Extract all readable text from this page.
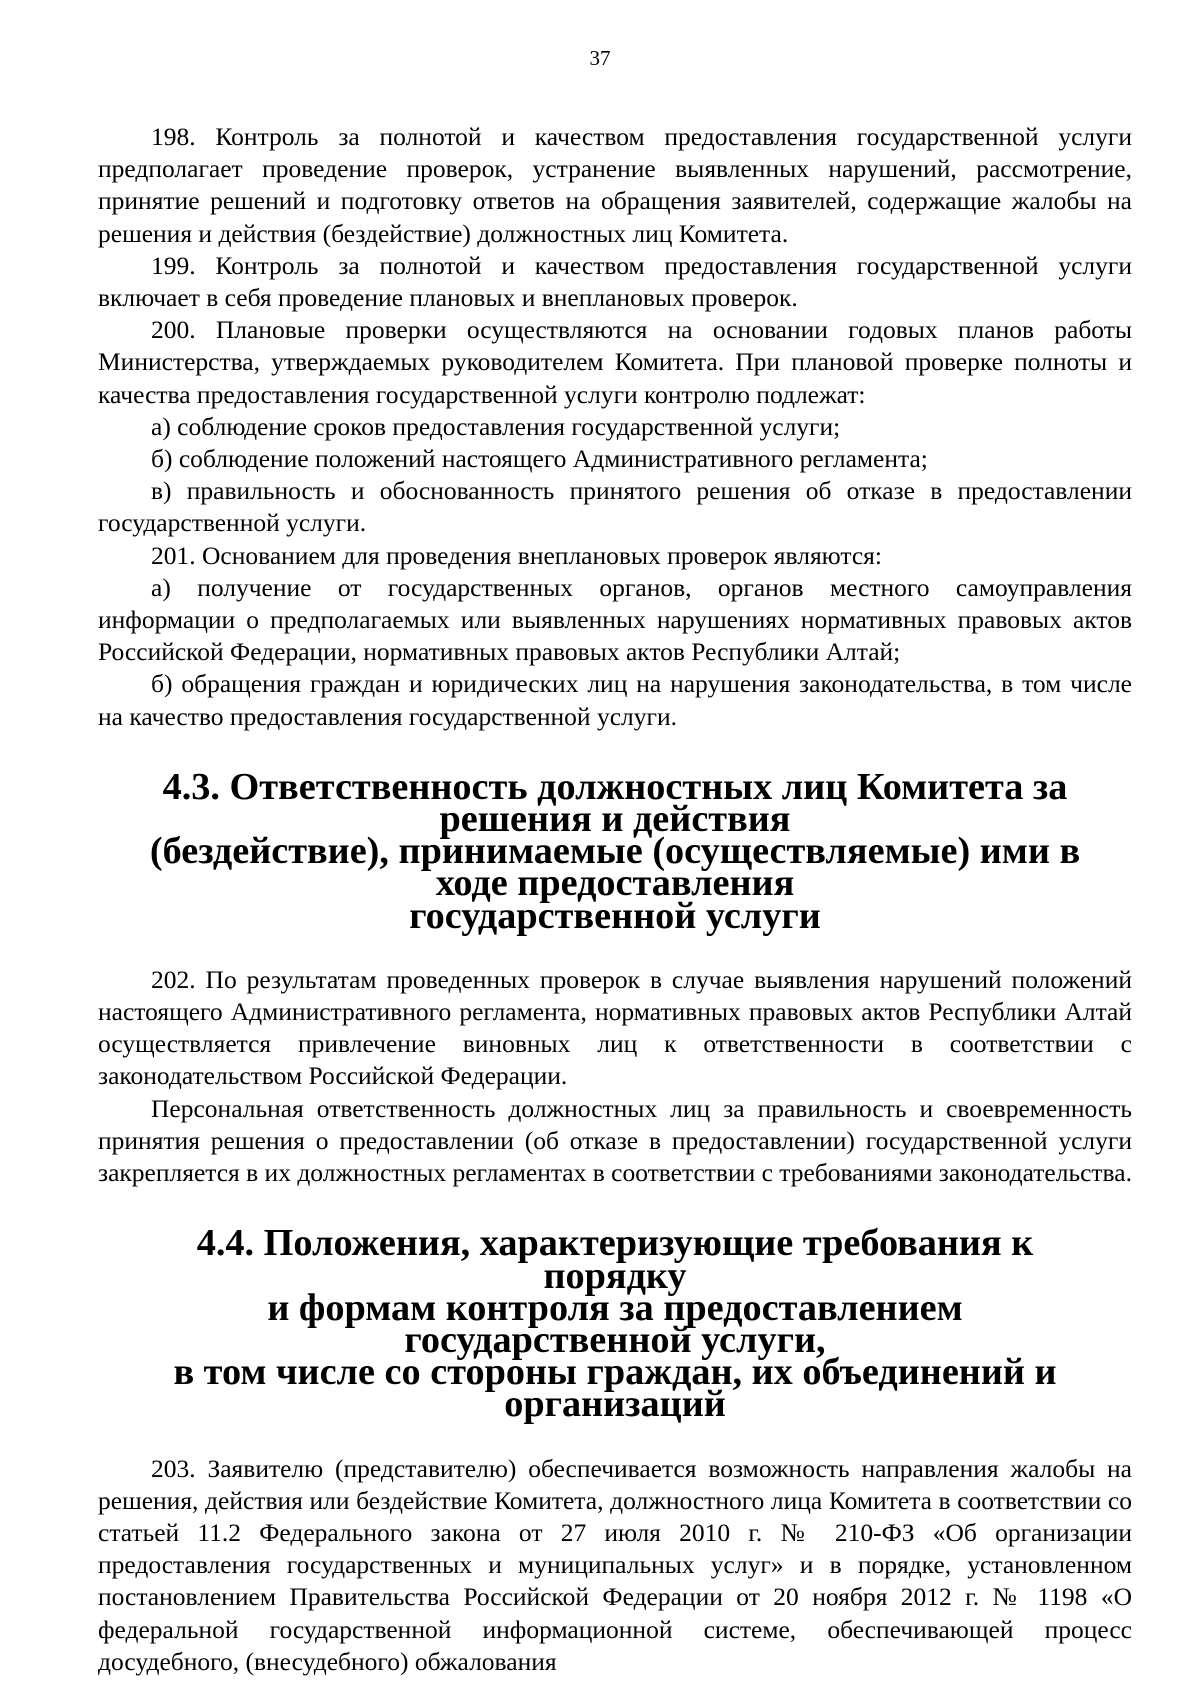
37

198. Контроль за полнотой и качеством предоставления государственной услуги предполагает проведение проверок, устранение выявленных нарушений, рассмотрение, принятие решений и подготовку ответов на обращения заявителей, содержащие жалобы на решения и действия (бездействие) должностных лиц Комитета.

199. Контроль за полнотой и качеством предоставления государственной услуги включает в себя проведение плановых и внеплановых проверок.

200. Плановые проверки осуществляются на основании годовых планов работы Министерства, утверждаемых руководителем Комитета. При плановой проверке полноты и качества предоставления государственной услуги контролю подлежат:

а) соблюдение сроков предоставления государственной услуги;

б) соблюдение положений настоящего Административного регламента;

в) правильность и обоснованность принятого решения об отказе в предоставлении государственной услуги.

201. Основанием для проведения внеплановых проверок являются:

а) получение от государственных органов, органов местного самоуправления информации о предполагаемых или выявленных нарушениях нормативных правовых актов Российской Федерации, нормативных правовых актов Республики Алтай;

б) обращения граждан и юридических лиц на нарушения законодательства, в том числе на качество предоставления государственной услуги.

4.3. Ответственность должностных лиц Комитета за решения и действия
(бездействие), принимаемые (осуществляемые) ими в ходе предоставления
государственной услуги

202. По результатам проведенных проверок в случае выявления нарушений положений настоящего Административного регламента, нормативных правовых актов Республики Алтай осуществляется привлечение виновных лиц к ответственности в соответствии с законодательством Российской Федерации.

Персональная ответственность должностных лиц за правильность и своевременность принятия решения о предоставлении (об отказе в предоставлении) государственной услуги закрепляется в их должностных регламентах в соответствии с требованиями законодательства.

4.4. Положения, характеризующие требования к порядку
и формам контроля за предоставлением государственной услуги,
в том числе со стороны граждан, их объединений и организаций

203. Заявителю (представителю) обеспечивается возможность направления жалобы на решения, действия или бездействие Комитета, должностного лица Комитета в соответствии со статьей 11.2 Федерального закона от 27 июля 2010 г. № 210-ФЗ «Об организации предоставления государственных и муниципальных услуг» и в порядке, установленном постановлением Правительства Российской Федерации от 20 ноября 2012 г. № 1198 «О федеральной государственной информационной системе, обеспечивающей процесс досудебного, (внесудебного) обжалования
